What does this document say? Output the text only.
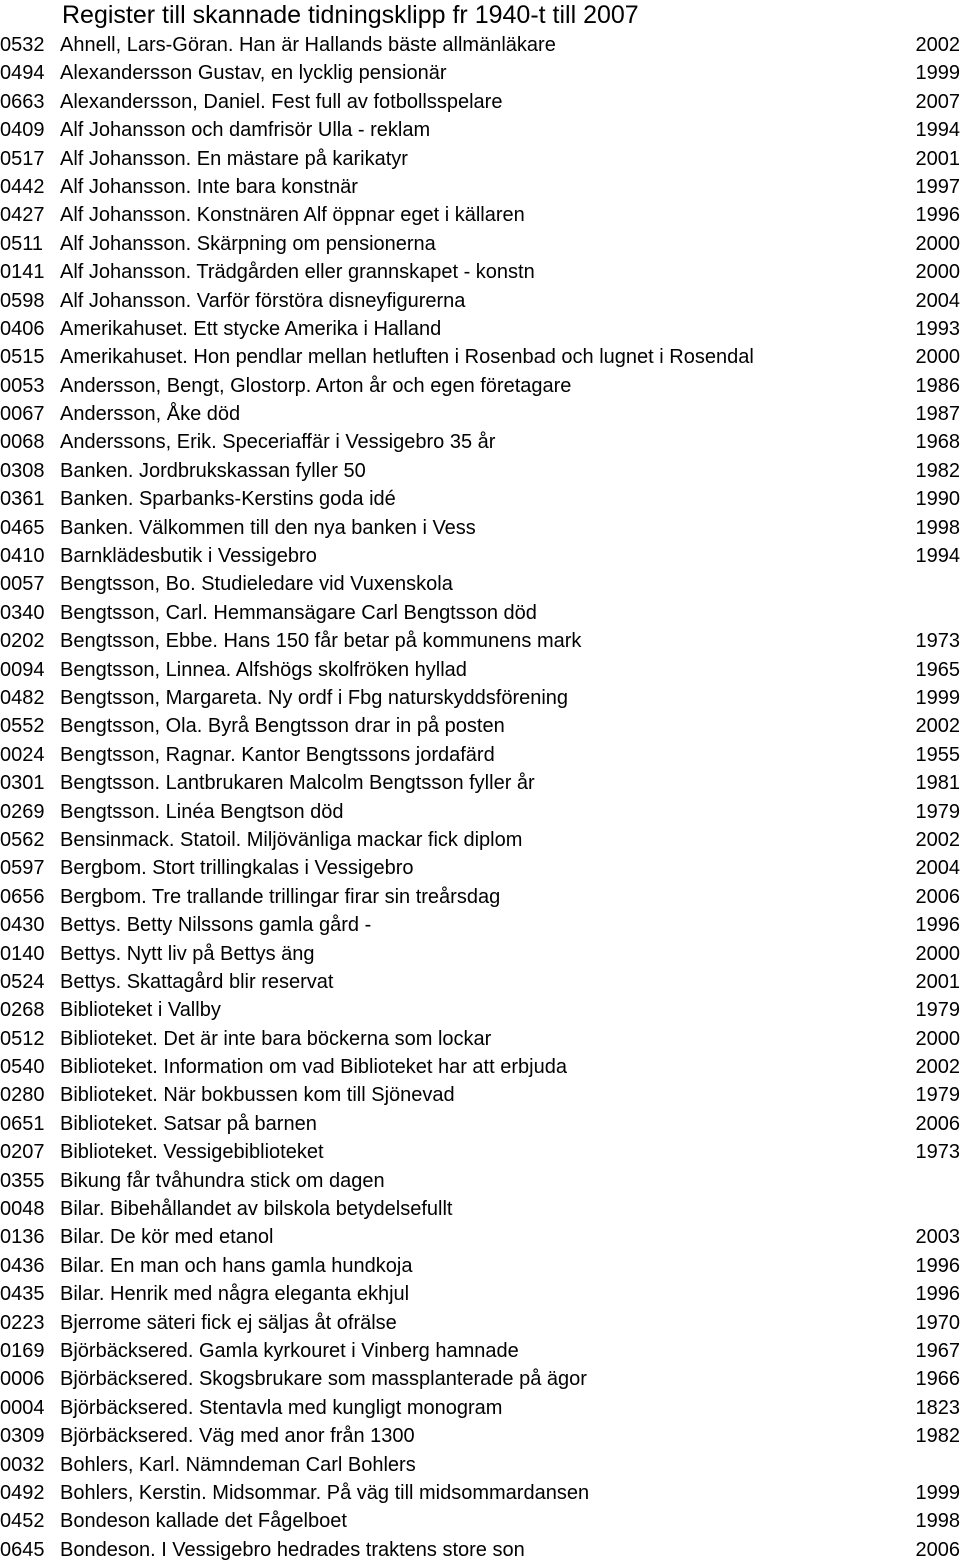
Register till skannade tidningsklipp fr 1940-t till 2007
0532 Ahnell, Lars-Göran. Han är Hallands bäste allmänläkare	2002
0494 Alexandersson Gustav, en lycklig pensionär	1999
0663 Alexandersson, Daniel. Fest full av fotbollsspelare	2007
0409 Alf Johansson och damfrisör Ulla - reklam	1994
0517 Alf Johansson. En mästare på karikatyr	2001
0442 Alf Johansson. Inte bara konstnär	1997
0427 Alf Johansson. Konstnären Alf öppnar eget i källaren	1996
0511 Alf Johansson. Skärpning om pensionerna	2000
0141 Alf Johansson. Trädgården eller grannskapet - konstn	2000
0598 Alf Johansson. Varför förstöra disneyfigurerna	2004
0406 Amerikahuset. Ett stycke Amerika i Halland	1993
0515 Amerikahuset. Hon pendlar mellan hetluften i Rosenbad och lugnet i Rosendal	2000
0053 Andersson, Bengt, Glostorp. Arton år och egen företagare	1986
0067 Andersson, Åke död	1987
0068 Anderssons, Erik. Speceriaffär i Vessigebro 35 år	1968
0308 Banken. Jordbrukskassan fyller 50	1982
0361 Banken. Sparbanks-Kerstins goda idé	1990
0465 Banken. Välkommen till den nya banken i Vess	1998
0410 Barnklädesbutik i Vessigebro	1994
0057 Bengtsson, Bo. Studieledare vid Vuxenskola
0340 Bengtsson, Carl. Hemmansägare Carl Bengtsson död
0202 Bengtsson, Ebbe. Hans 150 får betar på kommunens mark	1973
0094 Bengtsson, Linnea. Alfshögs skolfröken hyllad	1965
0482 Bengtsson, Margareta. Ny ordf i Fbg naturskyddsförening	1999
0552 Bengtsson, Ola. Byrå Bengtsson drar in på posten	2002
0024 Bengtsson, Ragnar. Kantor Bengtssons jordafärd	1955
0301 Bengtsson. Lantbrukaren Malcolm Bengtsson fyller år	1981
0269 Bengtsson. Linéa Bengtson död	1979
0562 Bensinmack. Statoil. Miljövänliga mackar fick diplom	2002
0597 Bergbom. Stort trillingkalas i Vessigebro	2004
0656 Bergbom. Tre trallande trillingar firar sin treårsdag	2006
0430 Bettys. Betty Nilssons gamla gård -	1996
0140 Bettys. Nytt liv på Bettys äng	2000
0524 Bettys. Skattagård blir reservat	2001
0268 Biblioteket i Vallby	1979
0512 Biblioteket. Det är inte bara böckerna som lockar	2000
0540 Biblioteket. Information om vad Biblioteket har att erbjuda	2002
0280 Biblioteket. När bokbussen kom till Sjönevad	1979
0651 Biblioteket. Satsar på barnen	2006
0207 Biblioteket. Vessigebiblioteket	1973
0355 Bikung får tvåhundra stick om dagen
0048 Bilar. Bibehållandet av bilskola betydelsefullt
0136 Bilar. De kör med etanol	2003
0436 Bilar. En man och hans gamla hundkoja	1996
0435 Bilar. Henrik med några eleganta ekhjul	1996
0223 Bjerrome säteri fick ej säljas åt ofrälse	1970
0169 Björbäcksered. Gamla kyrkouret i Vinberg hamnade	1967
0006 Björbäcksered. Skogsbrukare som massplanterade på ägor	1966
0004 Björbäcksered. Stentavla med kungligt monogram	1823
0309 Björbäcksered. Väg med anor från 1300	1982
0032 Bohlers, Karl. Nämndeman Carl Bohlers
0492 Bohlers, Kerstin. Midsommar. På väg till midsommardansen	1999
0452 Bondeson kallade det Fågelboet	1998
0645 Bondeson. I Vessigebro hedrades traktens store son	2006
